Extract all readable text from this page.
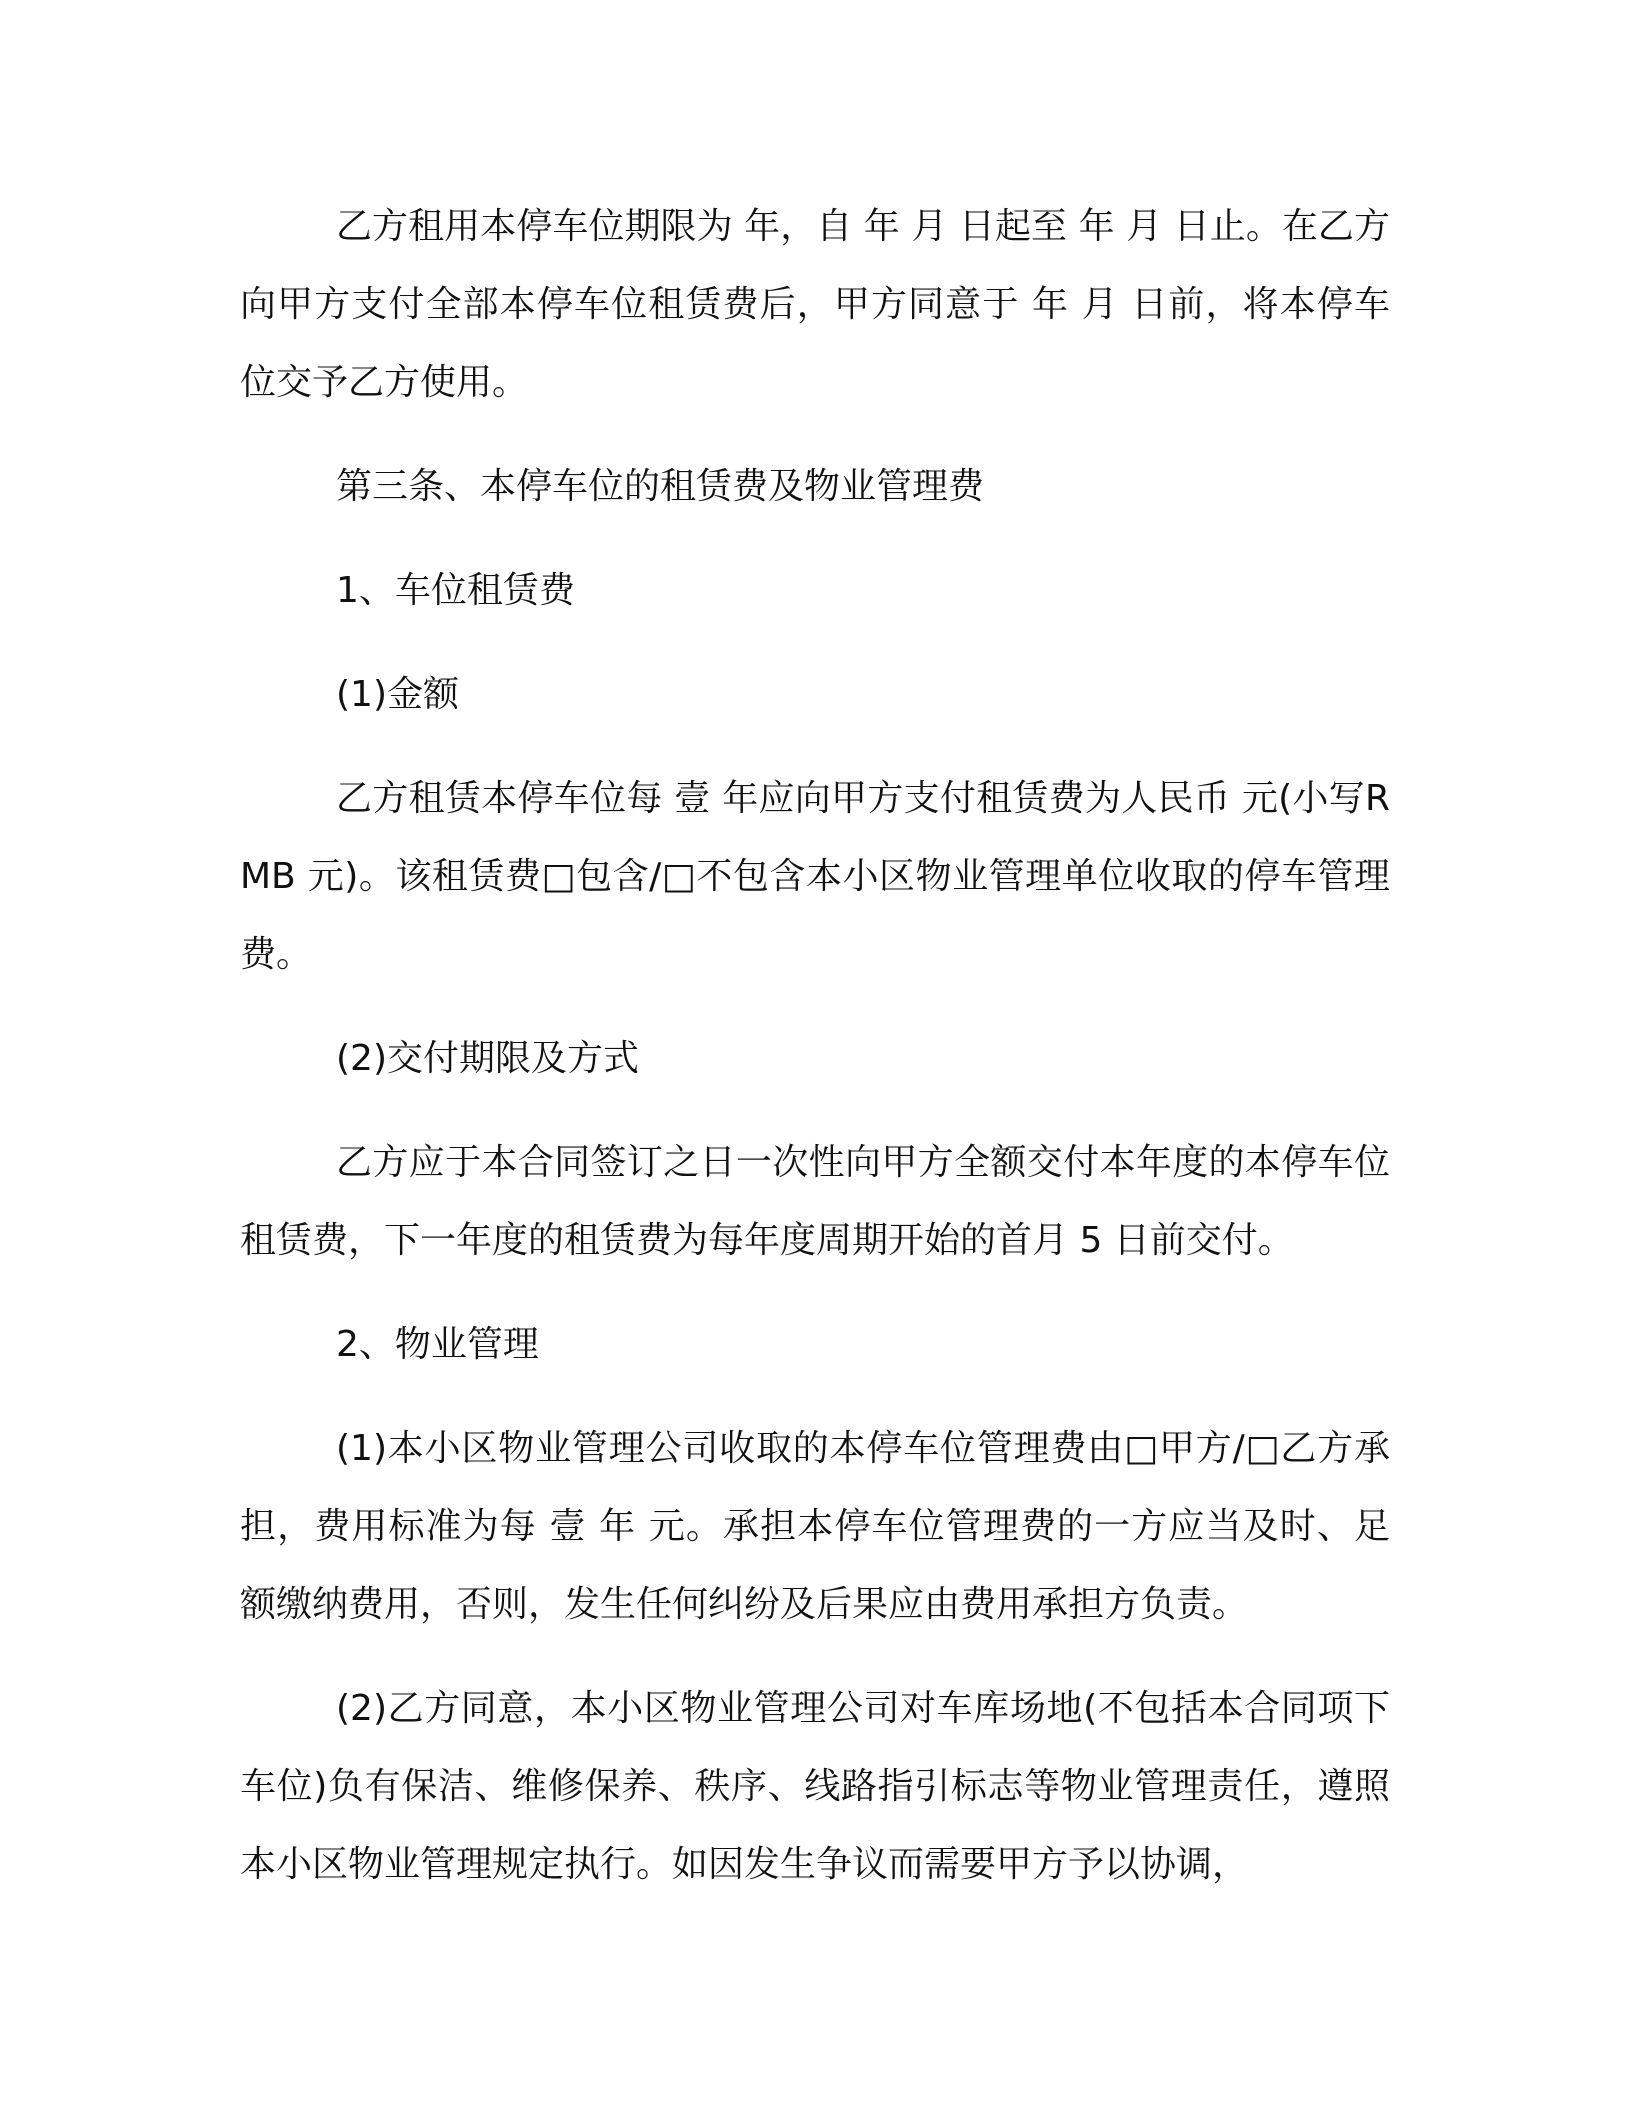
乙方租用本停车位期限为 年，自 年 月 日起至 年 月 日止。在乙方向甲方支付全部本停车位租赁费后，甲方同意于 年 月 日前，将本停车位交予乙方使用。

第三条、本停车位的租赁费及物业管理费

1、车位租赁费

(1)金额

乙方租赁本停车位每 壹 年应向甲方支付租赁费为人民币 元(小写RMB 元)。该租赁费□包含/□不包含本小区物业管理单位收取的停车管理费。

(2)交付期限及方式

乙方应于本合同签订之日一次性向甲方全额交付本年度的本停车位租赁费，下一年度的租赁费为每年度周期开始的首月 5 日前交付。

2、物业管理

(1)本小区物业管理公司收取的本停车位管理费由□甲方/□乙方承担，费用标准为每 壹 年 元。承担本停车位管理费的一方应当及时、足额缴纳费用，否则，发生任何纠纷及后果应由费用承担方负责。

(2)乙方同意，本小区物业管理公司对车库场地(不包括本合同项下车位)负有保洁、维修保养、秩序、线路指引标志等物业管理责任，遵照本小区物业管理规定执行。如因发生争议而需要甲方予以协调，
